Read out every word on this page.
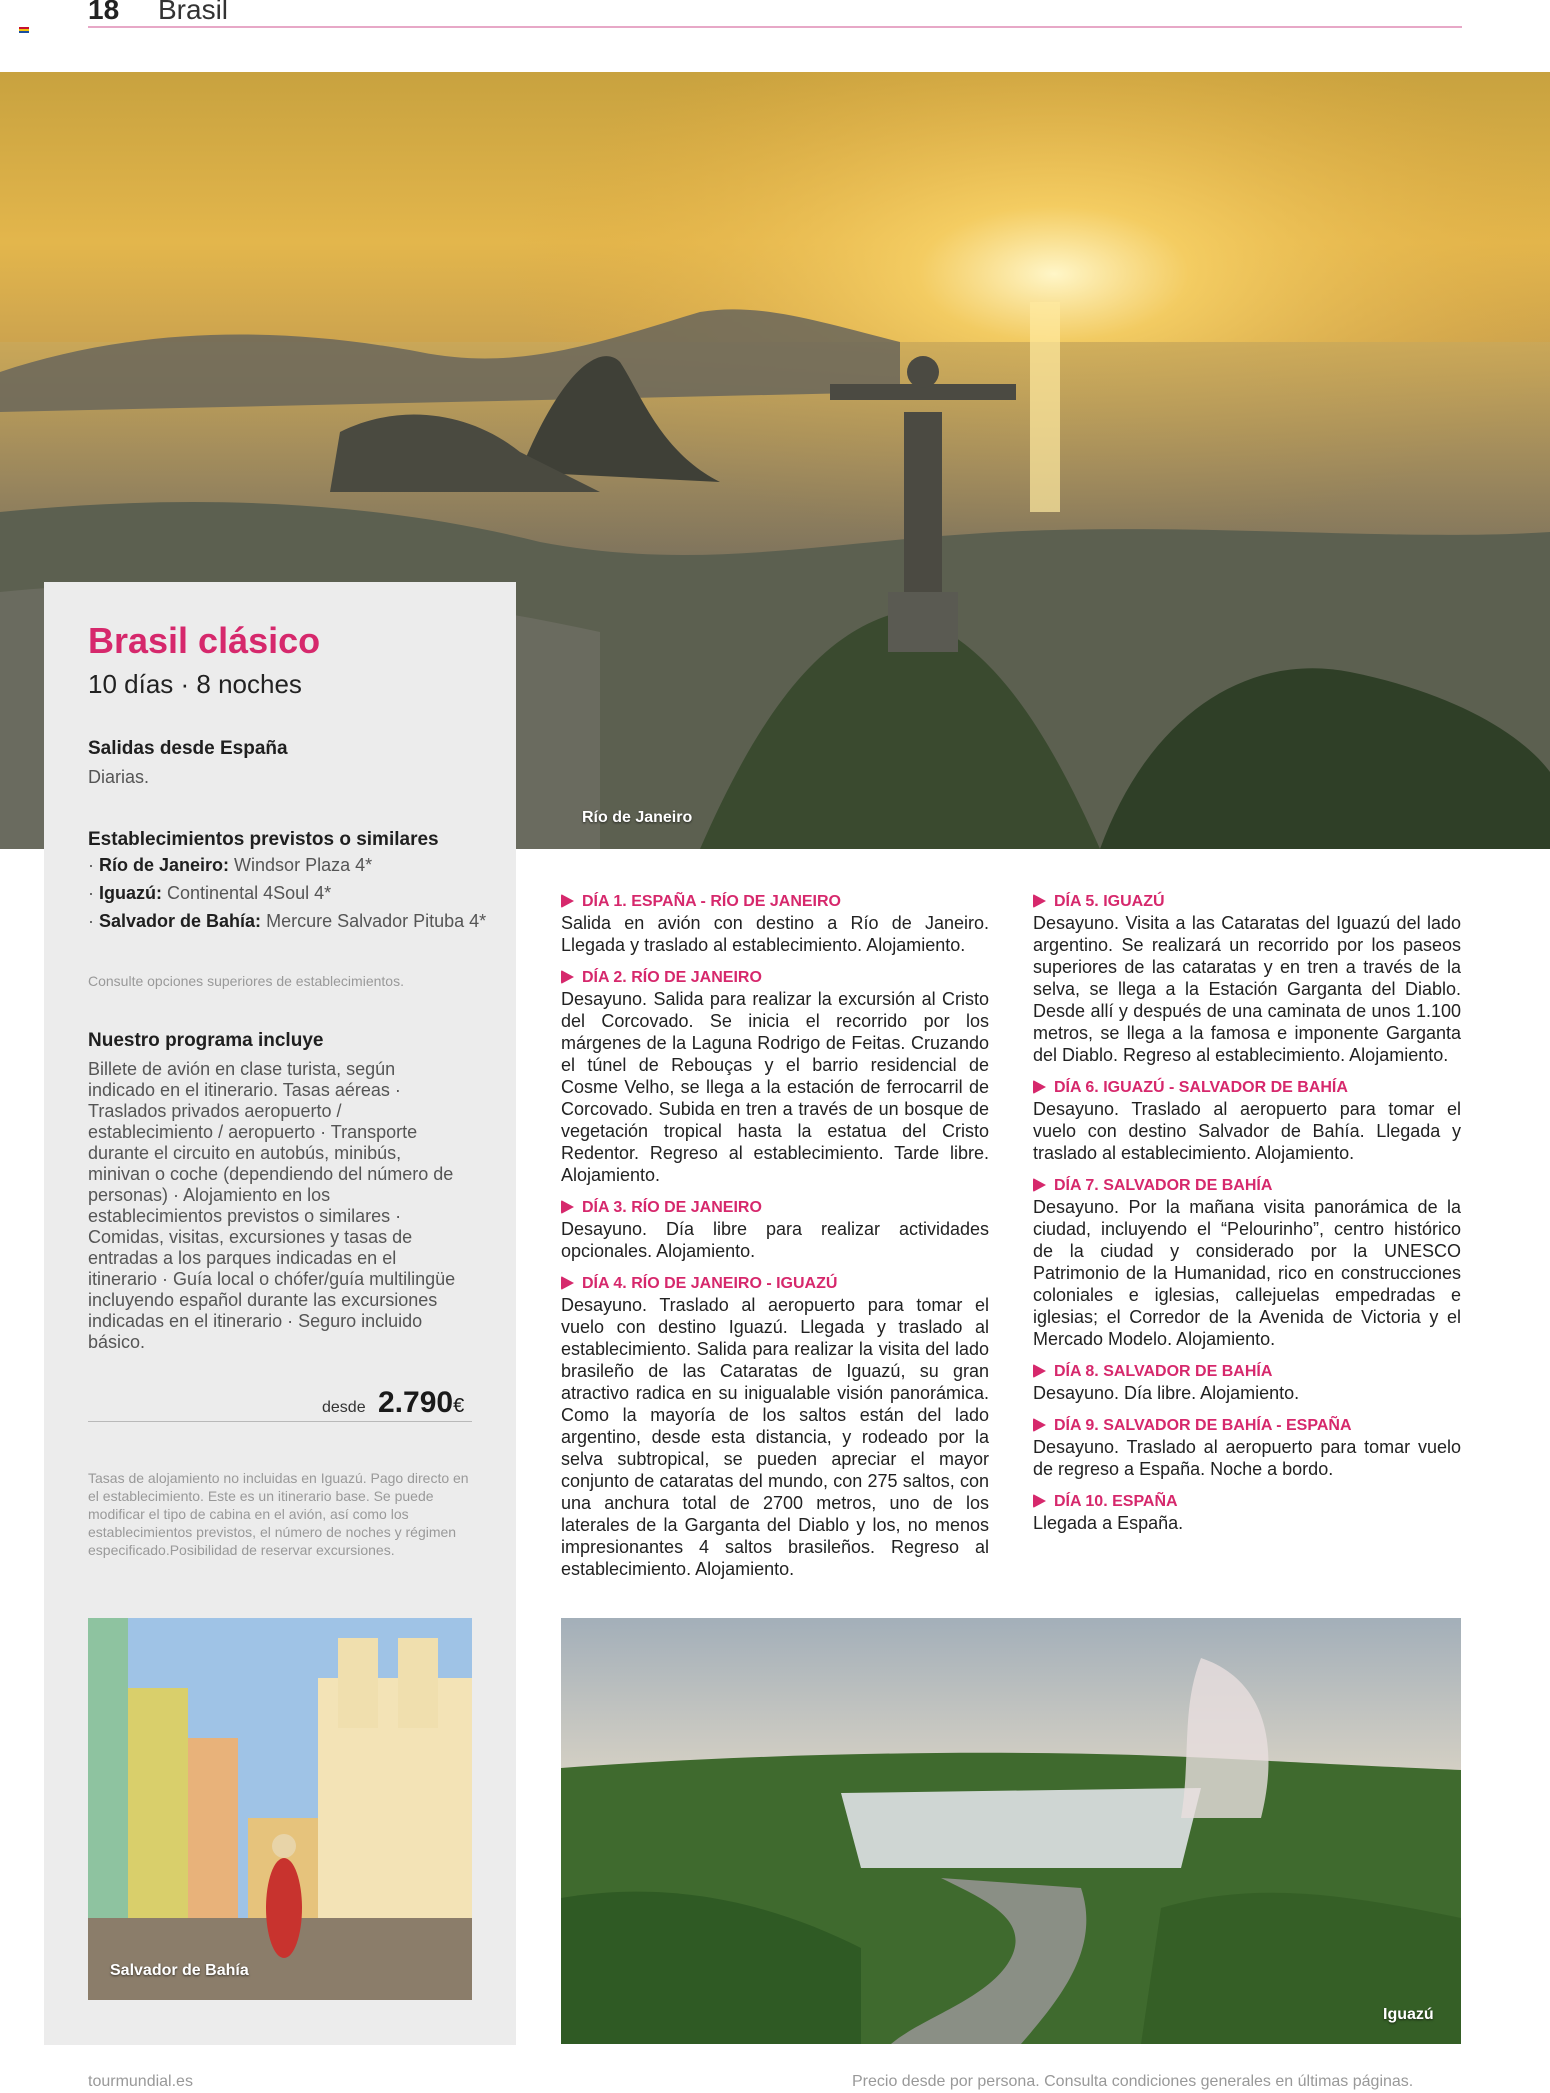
18 Brasil
Río de Janeiro
Brasil clásico
10 días · 8 noches
Salidas desde España
Diarias.
Establecimientos previstos o similares
· Río de Janeiro: Windsor Plaza 4*
· Iguazú: Continental 4Soul 4*
· Salvador de Bahía: Mercure Salvador Pituba 4*
Consulte opciones superiores de establecimientos.
Nuestro programa incluye
Billete de avión en clase turista, según indicado en el itinerario. Tasas aéreas · Traslados privados aeropuerto / establecimiento / aeropuerto · Transporte durante el circuito en autobús, minibús, minivan o coche (dependiendo del número de personas) · Alojamiento en los establecimientos previstos o similares · Comidas, visitas, excursiones y tasas de entradas a los parques indicadas en el itinerario · Guía local o chófer/guía multilingüe incluyendo español durante las excursiones indicadas en el itinerario · Seguro incluido básico.
desde 2.790€
Tasas de alojamiento no incluidas en Iguazú. Pago directo en el establecimiento. Este es un itinerario base. Se puede modificar el tipo de cabina en el avión, así como los establecimientos previstos, el número de noches y régimen especificado.Posibilidad de reservar excursiones.
DÍA 1. ESPAÑA - RÍO DE JANEIRO
Salida en avión con destino a Río de Janeiro. Llegada y traslado al establecimiento. Alojamiento.
DÍA 2. RÍO DE JANEIRO
Desayuno. Salida para realizar la excursión al Cristo del Corcovado. Se inicia el recorrido por los márgenes de la Laguna Rodrigo de Feitas. Cruzando el túnel de Rebouças y el barrio residencial de Cosme Velho, se llega a la estación de ferrocarril de Corcovado. Subida en tren a través de un bosque de vegetación tropical hasta la estatua del Cristo Redentor. Regreso al establecimiento. Tarde libre. Alojamiento.
DÍA 3. RÍO DE JANEIRO
Desayuno. Día libre para realizar actividades opcionales. Alojamiento.
DÍA 4. RÍO DE JANEIRO - IGUAZÚ
Desayuno. Traslado al aeropuerto para tomar el vuelo con destino Iguazú. Llegada y traslado al establecimiento. Salida para realizar la visita del lado brasileño de las Cataratas de Iguazú, su gran atractivo radica en su inigualable visión panorámica. Como la mayoría de los saltos están del lado argentino, desde esta distancia, y rodeado por la selva subtropical, se pueden apreciar el mayor conjunto de cataratas del mundo, con 275 saltos, con una anchura total de 2700 metros, uno de los laterales de la Garganta del Diablo y los, no menos impresionantes 4 saltos brasileños. Regreso al establecimiento. Alojamiento.
DÍA 5. IGUAZÚ
Desayuno. Visita a las Cataratas del Iguazú del lado argentino. Se realizará un recorrido por los paseos superiores de las cataratas y en tren a través de la selva, se llega a la Estación Garganta del Diablo. Desde allí y después de una caminata de unos 1.100 metros, se llega a la famosa e imponente Garganta del Diablo. Regreso al establecimiento. Alojamiento.
DÍA 6. IGUAZÚ - SALVADOR DE BAHÍA
Desayuno. Traslado al aeropuerto para tomar el vuelo con destino Salvador de Bahía. Llegada y traslado al establecimiento. Alojamiento.
DÍA 7. SALVADOR DE BAHÍA
Desayuno. Por la mañana visita panorámica de la ciudad, incluyendo el “Pelourinho”, centro histórico de la ciudad y considerado por la UNESCO Patrimonio de la Humanidad, rico en construcciones coloniales e iglesias, callejuelas empedradas e iglesias; el Corredor de la Avenida de Victoria y el Mercado Modelo. Alojamiento.
DÍA 8. SALVADOR DE BAHÍA
Desayuno. Día libre. Alojamiento.
DÍA 9. SALVADOR DE BAHÍA - ESPAÑA
Desayuno. Traslado al aeropuerto para tomar vuelo de regreso a España. Noche a bordo.
DÍA 10. ESPAÑA
Llegada a España.
Salvador de Bahía
Iguazú
tourmundial.es	Precio desde por persona. Consulta condiciones generales en últimas páginas.
